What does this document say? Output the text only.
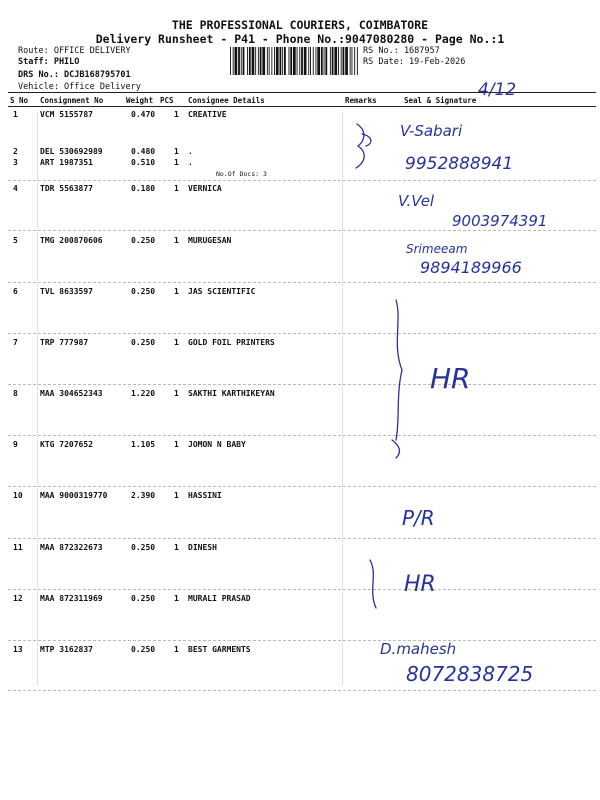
THE PROFESSIONAL COURIERS, COIMBATORE
Delivery Runsheet - P41 - Phone No.:9047080280 - Page No.:1
Route: OFFICE DELIVERY
Staff: PHILO
DRS No.: DCJB168795701
Vehicle: Office Delivery
RS No.: 1687957
RS Date: 19-Feb-2026
S No Consignment No	Weight PCS Consignee Details	Remarks	Seal & Signature
1	VCM 5155787	0.470 1 CREATIVE
2	DEL 530692989	0.480 1 .
3	ART 1987351	0.510 1 .
No.Of Docs: 3
4	TDR 5563877	0.180 1 VERNICA
5	TMG 200870606	0.250 1 MURUGESAN
6	TVL 8633597	0.250 1 JAS SCIENTIFIC
7	TRP 777987	0.250 1 GOLD FOIL PRINTERS
8	MAA 304652343	1.220 1 SAKTHI KARTHIKEYAN
9	KTG 7207652	1.105 1 JOMON N BABY
10 MAA 9000319770	2.390 1 HASSINI
11 MAA 872322673	0.250 1 DINESH
12 MAA 872311969	0.250 1 MURALI PRASAD
13 MTP 3162837	0.250 1 BEST GARMENTS
4/12
V-Sabari
9952888941
V.Vel
9003974391
Srimeeam
9894189966
HR
P/R
HR
D.mahesh
8072838725
